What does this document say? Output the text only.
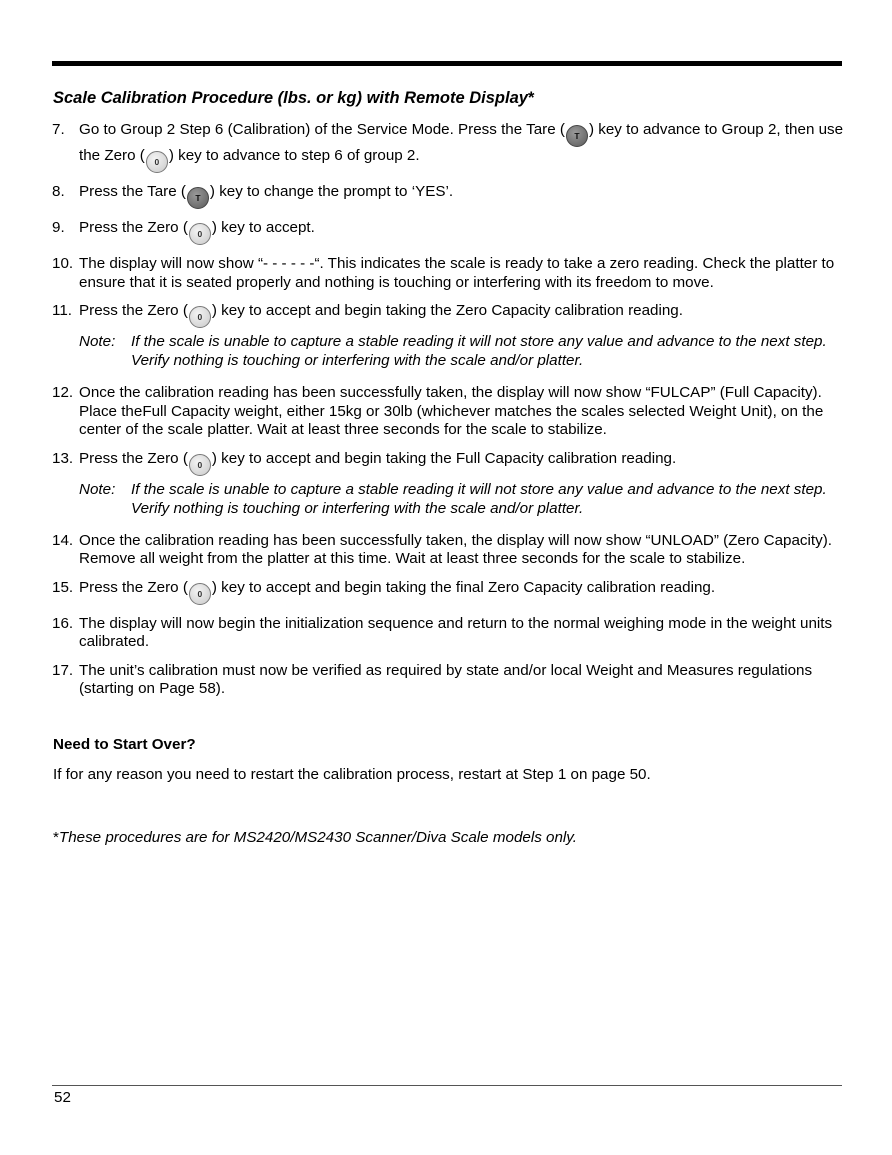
Scale Calibration Procedure (lbs. or kg) with Remote Display*
7. Go to Group 2 Step 6 (Calibration) of the Service Mode. Press the Tare ( T ) key to advance to Group 2, then use the Zero ( 0 ) key to advance to step 6 of group 2.
8. Press the Tare ( T ) key to change the prompt to ‘YES’.
9. Press the Zero ( 0 ) key to accept.
10. The display will now show “- - - - - -“. This indicates the scale is ready to take a zero reading. Check the platter to ensure that it is seated properly and nothing is touching or interfering with its freedom to move.
11. Press the Zero ( 0 ) key to accept and begin taking the Zero Capacity calibration reading.
Note: If the scale is unable to capture a stable reading it will not store any value and advance to the next step. Verify nothing is touching or interfering with the scale and/or platter.
12. Once the calibration reading has been successfully taken, the display will now show “FULCAP” (Full Capacity). Place theFull Capacity weight, either 15kg or 30lb (whichever matches the scales selected Weight Unit), on the center of the scale platter. Wait at least three seconds for the scale to stabilize.
13. Press the Zero ( 0 ) key to accept and begin taking the Full Capacity calibration reading.
Note: If the scale is unable to capture a stable reading it will not store any value and advance to the next step. Verify nothing is touching or interfering with the scale and/or platter.
14. Once the calibration reading has been successfully taken, the display will now show “UNLOAD” (Zero Capacity). Remove all weight from the platter at this time. Wait at least three seconds for the scale to stabilize.
15. Press the Zero ( 0 ) key to accept and begin taking the final Zero Capacity calibration reading.
16. The display will now begin the initialization sequence and return to the normal weighing mode in the weight units calibrated.
17. The unit’s calibration must now be verified as required by state and/or local Weight and Measures regulations (starting on Page 58).
Need to Start Over?
If for any reason you need to restart the calibration process, restart at Step 1 on page 50.
*These procedures are for MS2420/MS2430 Scanner/Diva Scale models only.
52
